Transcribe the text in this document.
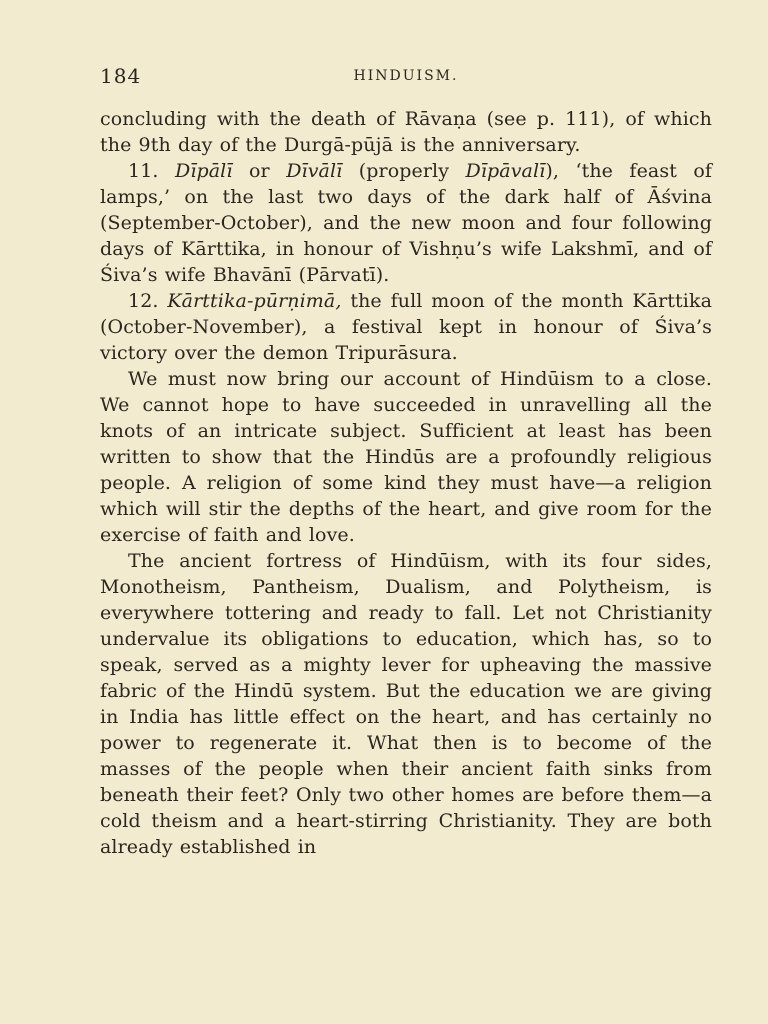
184	HINDUISM.

concluding with the death of Rāvaṇa (see p. 111), of which the 9th day of the Durgā-pūjā is the anniversary.

11. Dīpālī or Dīvālī (properly Dīpāvalī), ‘the feast of lamps,’ on the last two days of the dark half of Āśvina (September-October), and the new moon and four following days of Kārttika, in honour of Vishṇu’s wife Lakshmī, and of Śiva’s wife Bhavānī (Pārvatī).

12. Kārttika-pūrṇimā, the full moon of the month Kārttika (October-November), a festival kept in honour of Śiva’s victory over the demon Tripurāsura.

We must now bring our account of Hindūism to a close. We cannot hope to have succeeded in unravelling all the knots of an intricate subject. Sufficient at least has been written to show that the Hindūs are a profoundly religious people. A religion of some kind they must have—a religion which will stir the depths of the heart, and give room for the exercise of faith and love.

The ancient fortress of Hindūism, with its four sides, Monotheism, Pantheism, Dualism, and Polytheism, is everywhere tottering and ready to fall. Let not Christianity undervalue its obligations to education, which has, so to speak, served as a mighty lever for upheaving the massive fabric of the Hindū system. But the education we are giving in India has little effect on the heart, and has certainly no power to regenerate it. What then is to become of the masses of the people when their ancient faith sinks from beneath their feet? Only two other homes are before them—a cold theism and a heart-stirring Christianity. They are both already established in
